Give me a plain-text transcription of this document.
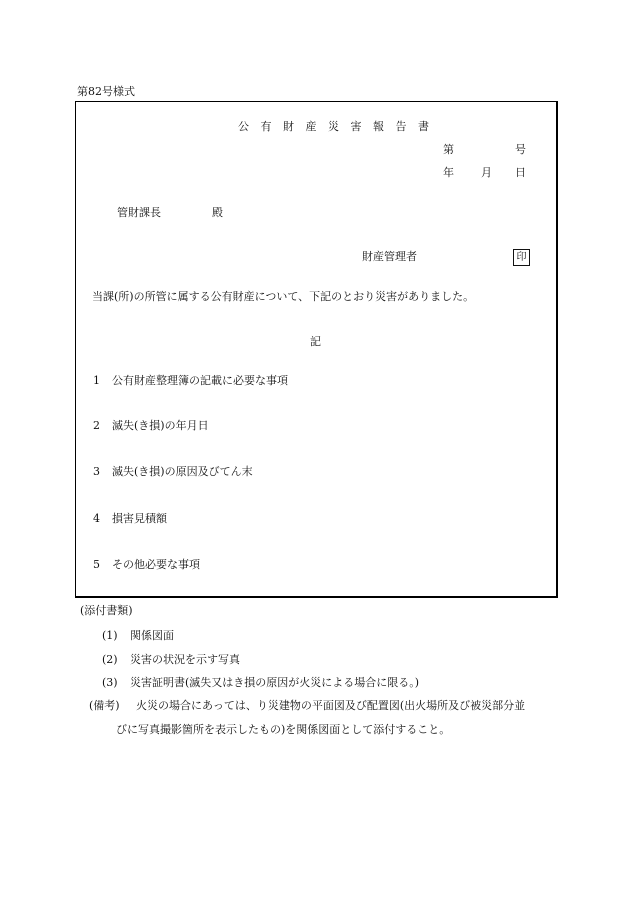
第82号様式
公 有 財 産 災 害 報 告 書
第	号
年 月 日
管財課長	殿
財産管理者	印
当課(所)の所管に属する公有財産について、下記のとおり災害がありました。
記
1 公有財産整理簿の記載に必要な事項
2 滅失(き損)の年月日
3 滅失(き損)の原因及びてん末
4 損害見積額
5 その他必要な事項
(添付書類)
(1) 関係図面
(2) 災害の状況を示す写真
(3) 災害証明書(滅失又はき損の原因が火災による場合に限る。)
(備考) 火災の場合にあっては、り災建物の平面図及び配置図(出火場所及び被災部分並
びに写真撮影箇所を表示したもの)を関係図面として添付すること。
